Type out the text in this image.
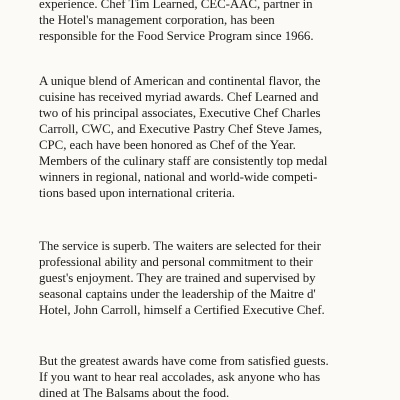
experience. Chef Tim Learned, CEC-AAC, partner in
the Hotel's management corporation, has been
responsible for the Food Service Program since 1966.
A unique blend of American and continental flavor, the
cuisine has received myriad awards. Chef Learned and
two of his principal associates, Executive Chef Charles
Carroll, CWC, and Executive Pastry Chef Steve James,
CPC, each have been honored as Chef of the Year.
Members of the culinary staff are consistently top medal
winners in regional, national and world-wide competi-
tions based upon international criteria.
The service is superb. The waiters are selected for their
professional ability and personal commitment to their
guest's enjoyment. They are trained and supervised by
seasonal captains under the leadership of the Maitre d'
Hotel, John Carroll, himself a Certified Executive Chef.
But the greatest awards have come from satisfied guests.
If you want to hear real accolades, ask anyone who has
dined at The Balsams about the food.
